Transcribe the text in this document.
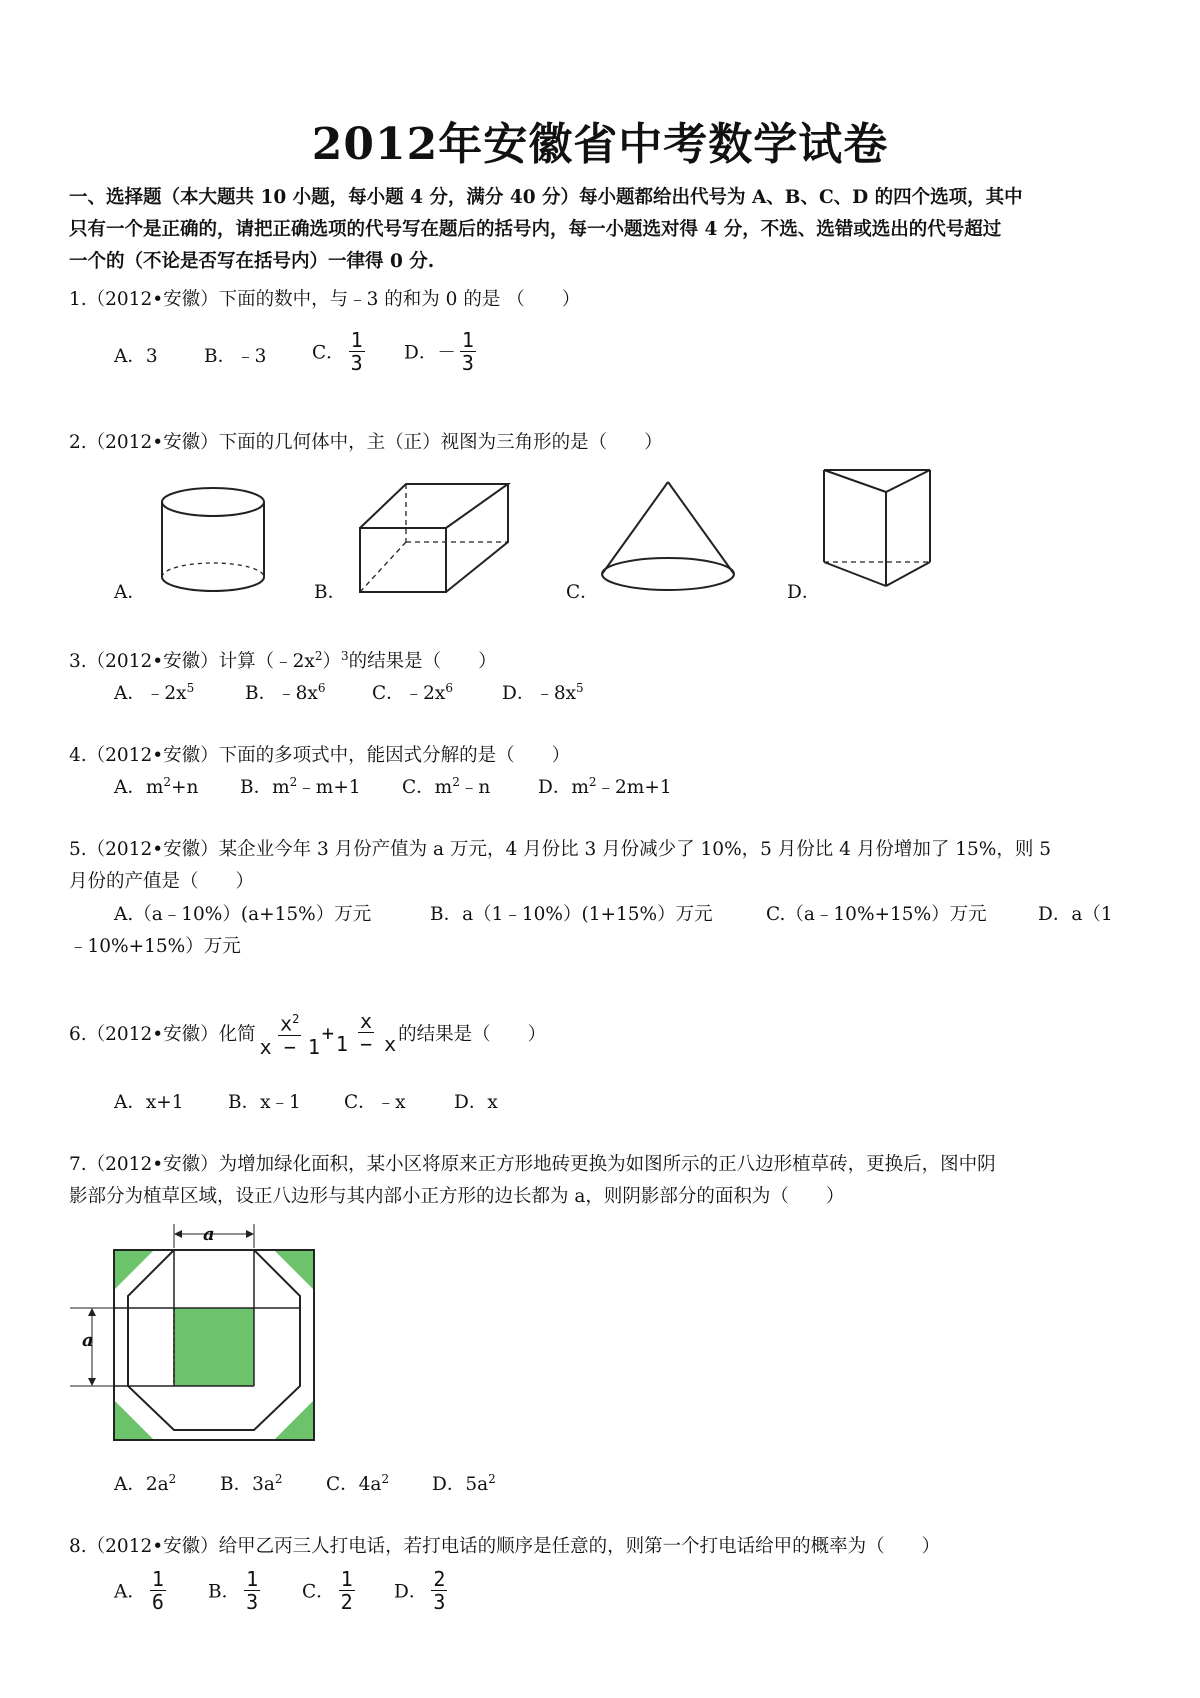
2012年安徽省中考数学试卷
一、选择题（本大题共 10 小题，每小题 4 分，满分 40 分）每小题都给出代号为 A、B、C、D 的四个选项，其中
只有一个是正确的，请把正确选项的代号写在题后的括号内，每一小题选对得 4 分，不选、选错或选出的代号超过
一个的（不论是否写在括号内）一律得 0 分.
1.（2012•安徽）下面的数中，与﹣3 的和为 0 的是 （　　）
A．3	B．﹣3 C． $\frac{1}{3}$ D．－ $\frac{1}{3}$
2.（2012•安徽）下面的几何体中，主（正）视图为三角形的是（　　）
A．	B．	C．	D．
3.（2012•安徽）计算$(﹣2x^2)^3$的结果是（　　）
A．$﹣2x^5$	B．$﹣8x^6$	C．$﹣2x^6$	D．$﹣8x^5$
4.（2012•安徽）下面的多项式中，能因式分解的是（　　）
A．$m^2+n$ B．$m^2﹣m+1$ C．$m^2﹣n$	D．$m^2﹣2m+1$
5.（2012•安徽）某企业今年 3 月份产值为 a 万元，4 月份比 3 月份减少了 10%，5 月份比 4 月份增加了 15%，则 5
月份的产值是（　　）
A.（a﹣10%）(a+15%）万元	B．a（1﹣10%）(1+15%）万元	C.（a﹣10%+15%）万元	D．a（1
﹣10%+15%）万元
6.（2012•安徽）化简 $\frac{x^2}{x - 1} + \frac{x}{1 - x}$ 的结果是（　　）
A．x+1 B．x﹣1 C．﹣x	D．x
7.（2012•安徽）为增加绿化面积，某小区将原来正方形地砖更换为如图所示的正八边形植草砖，更换后，图中阴
影部分为植草区域，设正八边形与其内部小正方形的边长都为 a，则阴影部分的面积为（　　）
a
a
A．$2a^2$ B．$3a^2$ C．$4a^2$ D．$5a^2$
8.（2012•安徽）给甲乙丙三人打电话，若打电话的顺序是任意的，则第一个打电话给甲的概率为（　　）
A． $\frac{1}{6}$ B． $\frac{1}{3}$ C． $\frac{1}{2}$ D． $\frac{2}{3}$
